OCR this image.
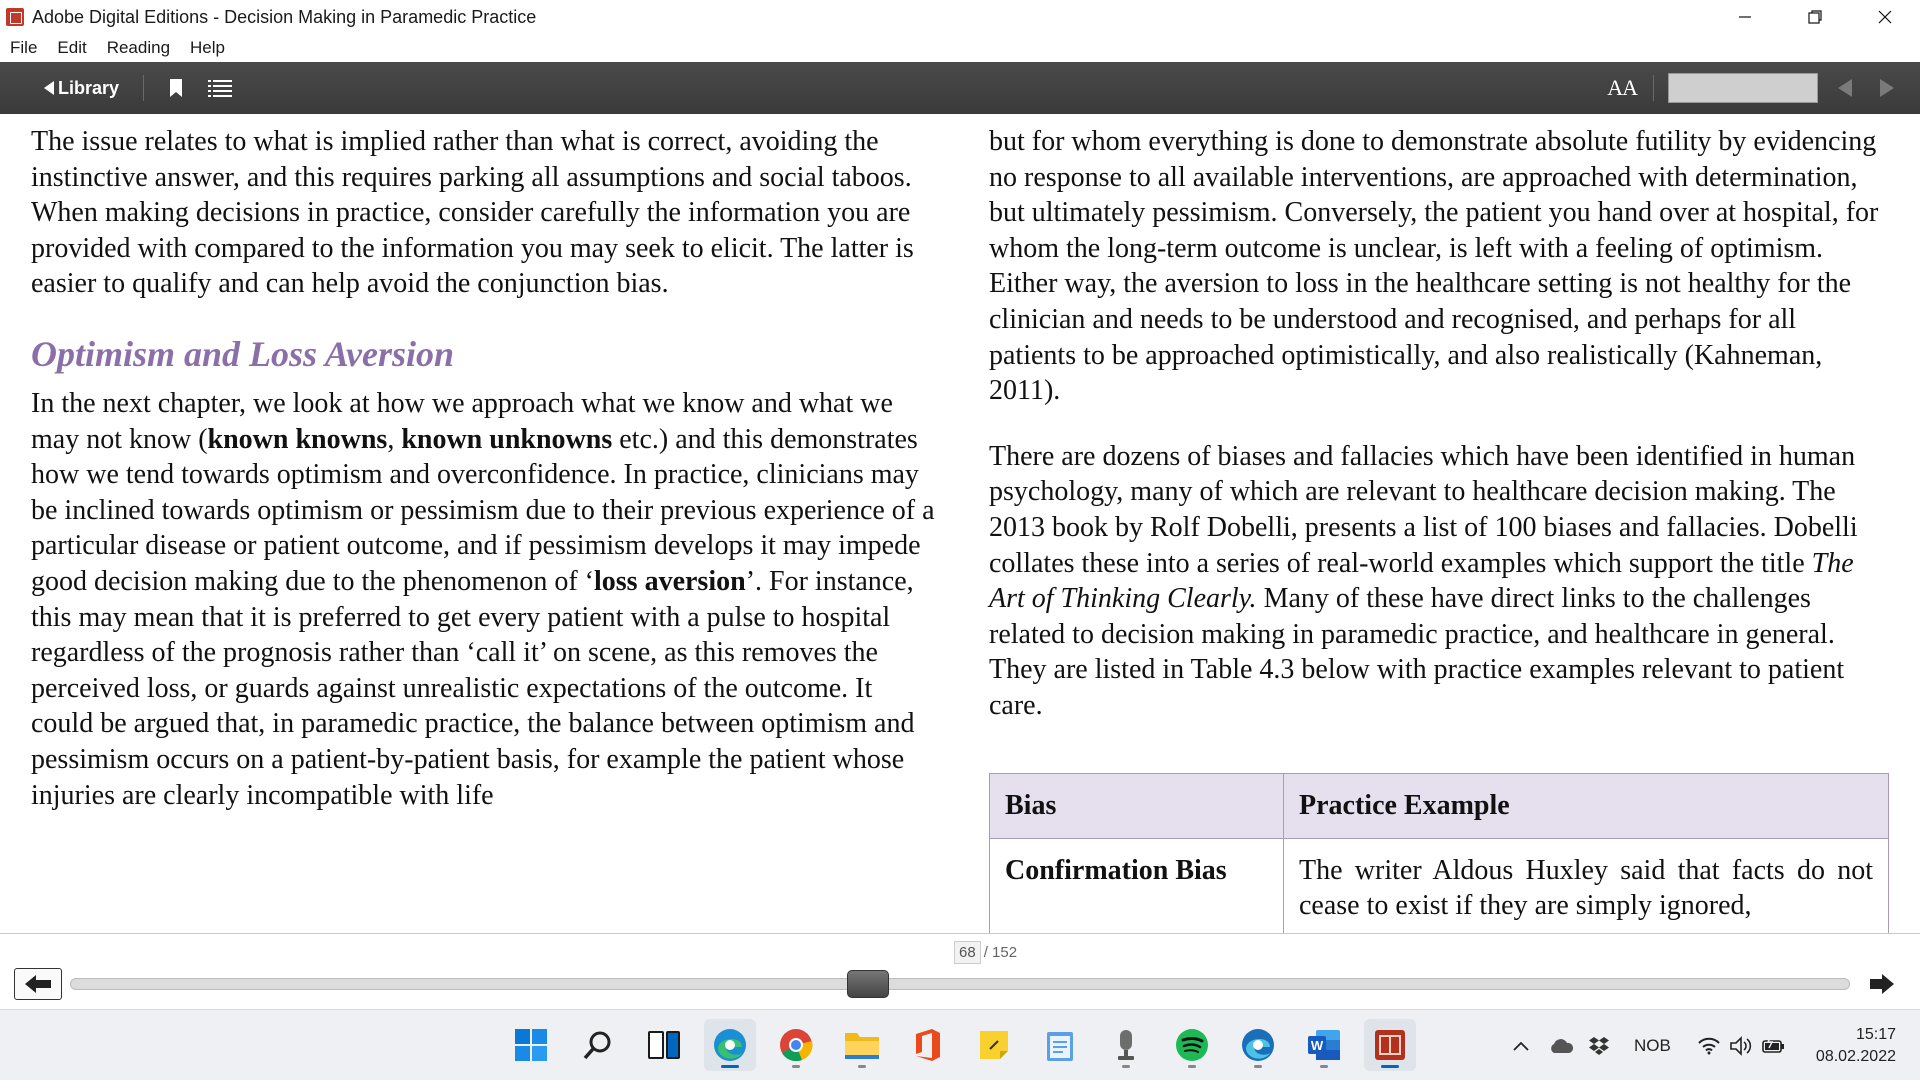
Adobe Digital Editions - Decision Making in Paramedic Practice
File Edit Reading Help
Library	AA

The issue relates to what is implied rather than what is correct, avoiding the instinctive answer, and this requires parking all assumptions and social taboos. When making decisions in practice, consider carefully the information you are provided with compared to the information you may seek to elicit. The latter is easier to qualify and can help avoid the conjunction bias.

Optimism and Loss Aversion

In the next chapter, we look at how we approach what we know and what we may not know (known knowns, known unknowns etc.) and this demonstrates how we tend towards optimism and overconfidence. In practice, clinicians may be inclined towards optimism or pessimism due to their previous experience of a particular disease or patient outcome, and if pessimism develops it may impede good decision making due to the phenomenon of ‘loss aversion’. For instance, this may mean that it is preferred to get every patient with a pulse to hospital regardless of the prognosis rather than ‘call it’ on scene, as this removes the perceived loss, or guards against unrealistic expectations of the outcome. It could be argued that, in paramedic practice, the balance between optimism and pessimism occurs on a patient-by-patient basis, for example the patient whose injuries are clearly incompatible with life

but for whom everything is done to demonstrate absolute futility by evidencing no response to all available interventions, are approached with determination, but ultimately pessimism. Conversely, the patient you hand over at hospital, for whom the long-term outcome is unclear, is left with a feeling of optimism. Either way, the aversion to loss in the healthcare setting is not healthy for the clinician and needs to be understood and recognised, and perhaps for all patients to be approached optimistically, and also realistically (Kahneman, 2011).

There are dozens of biases and fallacies which have been identified in human psychology, many of which are relevant to healthcare decision making. The 2013 book by Rolf Dobelli, presents a list of 100 biases and fallacies. Dobelli collates these into a series of real-world examples which support the title The Art of Thinking Clearly. Many of these have direct links to the challenges related to decision making in paramedic practice, and healthcare in general. They are listed in Table 4.3 below with practice examples relevant to patient care.

Bias	Practice Example
Confirmation Bias	The writer Aldous Huxley said that facts do not cease to exist if they are simply ignored,
68 / 152
W	NOB
15:17
08.02.2022
